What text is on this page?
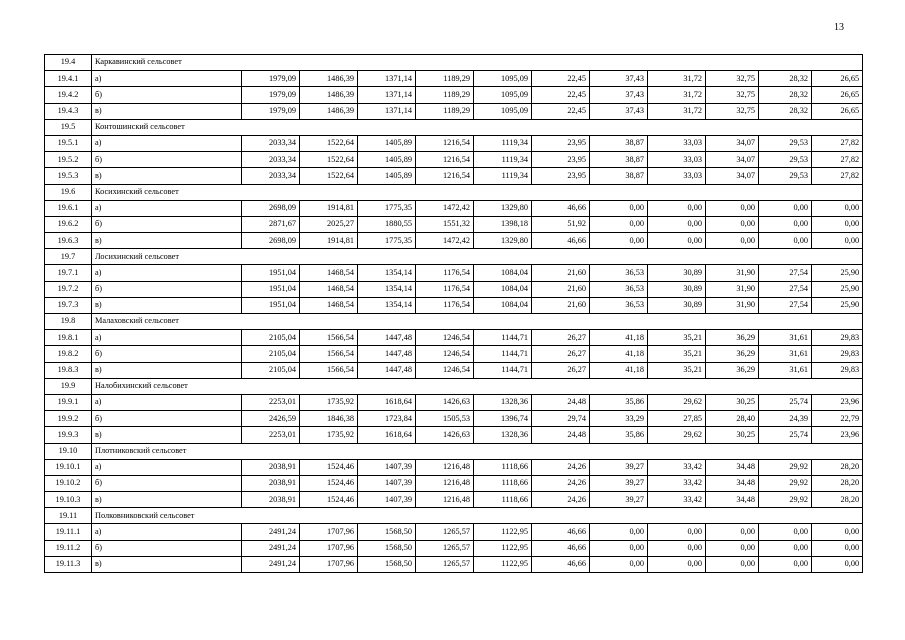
13
19.4	Каркавинский сельсовет											
19.4.1	а)	1979,09	1486,39	1371,14	1189,29	1095,09	22,45	37,43	31,72	32,75	28,32	26,65
19.4.2	б)	1979,09	1486,39	1371,14	1189,29	1095,09	22,45	37,43	31,72	32,75	28,32	26,65
19.4.3	в)	1979,09	1486,39	1371,14	1189,29	1095,09	22,45	37,43	31,72	32,75	28,32	26,65
19.5	Контошинский сельсовет											
19.5.1	а)	2033,34	1522,64	1405,89	1216,54	1119,34	23,95	38,87	33,03	34,07	29,53	27,82
19.5.2	б)	2033,34	1522,64	1405,89	1216,54	1119,34	23,95	38,87	33,03	34,07	29,53	27,82
19.5.3	в)	2033,34	1522,64	1405,89	1216,54	1119,34	23,95	38,87	33,03	34,07	29,53	27,82
19.6	Косихинский сельсовет											
19.6.1	а)	2698,09	1914,81	1775,35	1472,42	1329,80	46,66	0,00	0,00	0,00	0,00	0,00
19.6.2	б)	2871,67	2025,27	1880,55	1551,32	1398,18	51,92	0,00	0,00	0,00	0,00	0,00
19.6.3	в)	2698,09	1914,81	1775,35	1472,42	1329,80	46,66	0,00	0,00	0,00	0,00	0,00
19.7	Лосихинский сельсовет											
19.7.1	а)	1951,04	1468,54	1354,14	1176,54	1084,04	21,60	36,53	30,89	31,90	27,54	25,90
19.7.2	б)	1951,04	1468,54	1354,14	1176,54	1084,04	21,60	36,53	30,89	31,90	27,54	25,90
19.7.3	в)	1951,04	1468,54	1354,14	1176,54	1084,04	21,60	36,53	30,89	31,90	27,54	25,90
19.8	Малаховский сельсовет											
19.8.1	а)	2105,04	1566,54	1447,48	1246,54	1144,71	26,27	41,18	35,21	36,29	31,61	29,83
19.8.2	б)	2105,04	1566,54	1447,48	1246,54	1144,71	26,27	41,18	35,21	36,29	31,61	29,83
19.8.3	в)	2105,04	1566,54	1447,48	1246,54	1144,71	26,27	41,18	35,21	36,29	31,61	29,83
19.9	Налобихинский сельсовет											
19.9.1	а)	2253,01	1735,92	1618,64	1426,63	1328,36	24,48	35,86	29,62	30,25	25,74	23,96
19.9.2	б)	2426,59	1846,38	1723,84	1505,53	1396,74	29,74	33,29	27,85	28,40	24,39	22,79
19.9.3	в)	2253,01	1735,92	1618,64	1426,63	1328,36	24,48	35,86	29,62	30,25	25,74	23,96
19.10	Плотниковский сельсовет											
19.10.1	а)	2038,91	1524,46	1407,39	1216,48	1118,66	24,26	39,27	33,42	34,48	29,92	28,20
19.10.2	б)	2038,91	1524,46	1407,39	1216,48	1118,66	24,26	39,27	33,42	34,48	29,92	28,20
19.10.3	в)	2038,91	1524,46	1407,39	1216,48	1118,66	24,26	39,27	33,42	34,48	29,92	28,20
19.11	Полковниковский сельсовет											
19.11.1	а)	2491,24	1707,96	1568,50	1265,57	1122,95	46,66	0,00	0,00	0,00	0,00	0,00
19.11.2	б)	2491,24	1707,96	1568,50	1265,57	1122,95	46,66	0,00	0,00	0,00	0,00	0,00
19.11.3	в)	2491,24	1707,96	1568,50	1265,57	1122,95	46,66	0,00	0,00	0,00	0,00	0,00
